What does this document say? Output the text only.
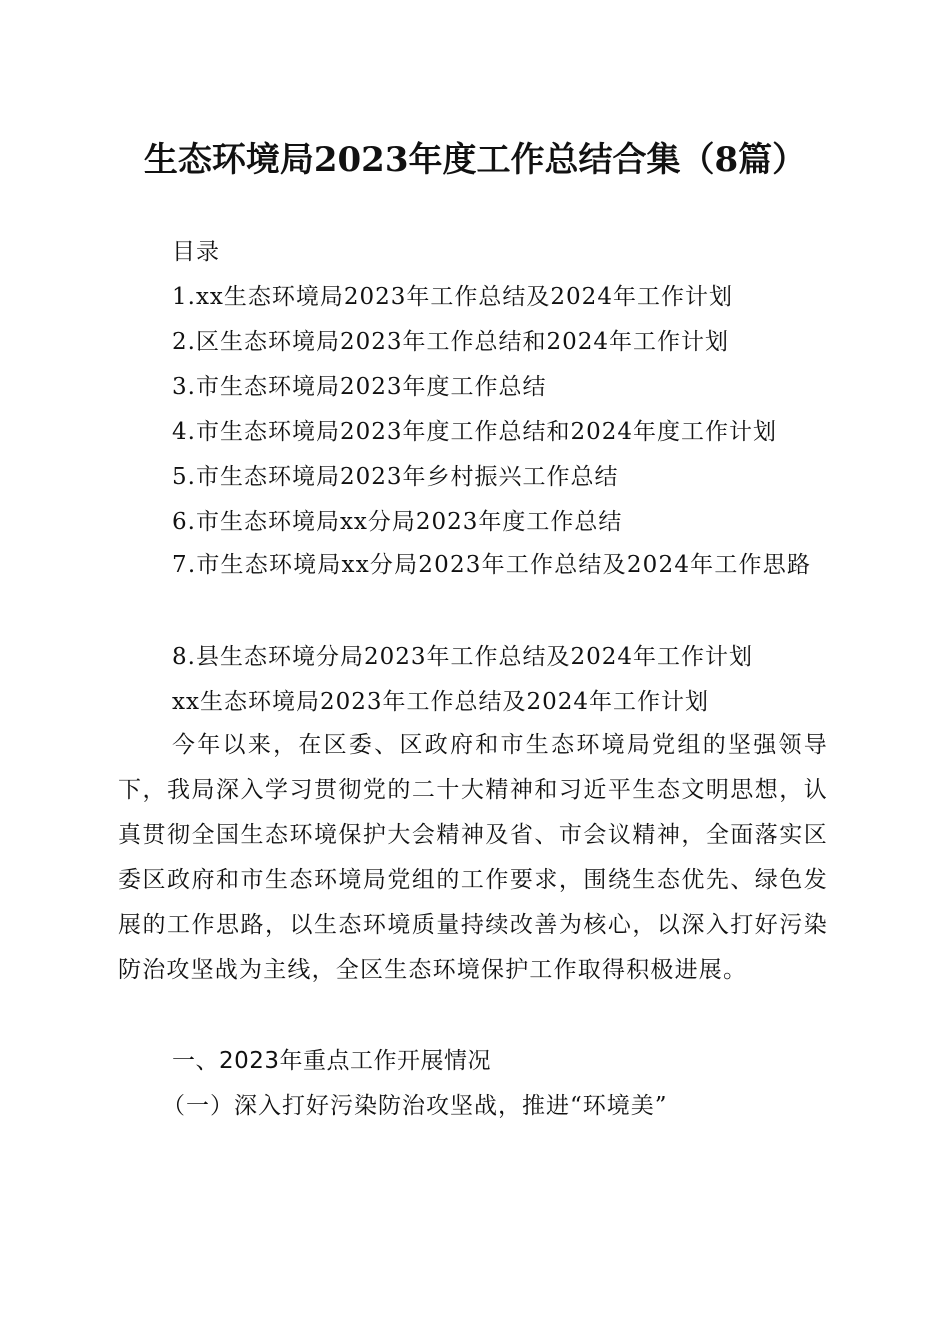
生态环境局2023年度工作总结合集（8篇）
目录
1.xx生态环境局2023年工作总结及2024年工作计划
2.区生态环境局2023年工作总结和2024年工作计划
3.市生态环境局2023年度工作总结
4.市生态环境局2023年度工作总结和2024年度工作计划
5.市生态环境局2023年乡村振兴工作总结
6.市生态环境局xx分局2023年度工作总结
7.市生态环境局xx分局2023年工作总结及2024年工作思路
8.县生态环境分局2023年工作总结及2024年工作计划
xx生态环境局2023年工作总结及2024年工作计划
今年以来，在区委、区政府和市生态环境局党组的坚强领导下，我局深入学习贯彻党的二十大精神和习近平生态文明思想，认真贯彻全国生态环境保护大会精神及省、市会议精神，全面落实区委区政府和市生态环境局党组的工作要求，围绕生态优先、绿色发展的工作思路，以生态环境质量持续改善为核心，以深入打好污染防治攻坚战为主线，全区生态环境保护工作取得积极进展。
一、2023年重点工作开展情况
（一）深入打好污染防治攻坚战，推进“环境美”
